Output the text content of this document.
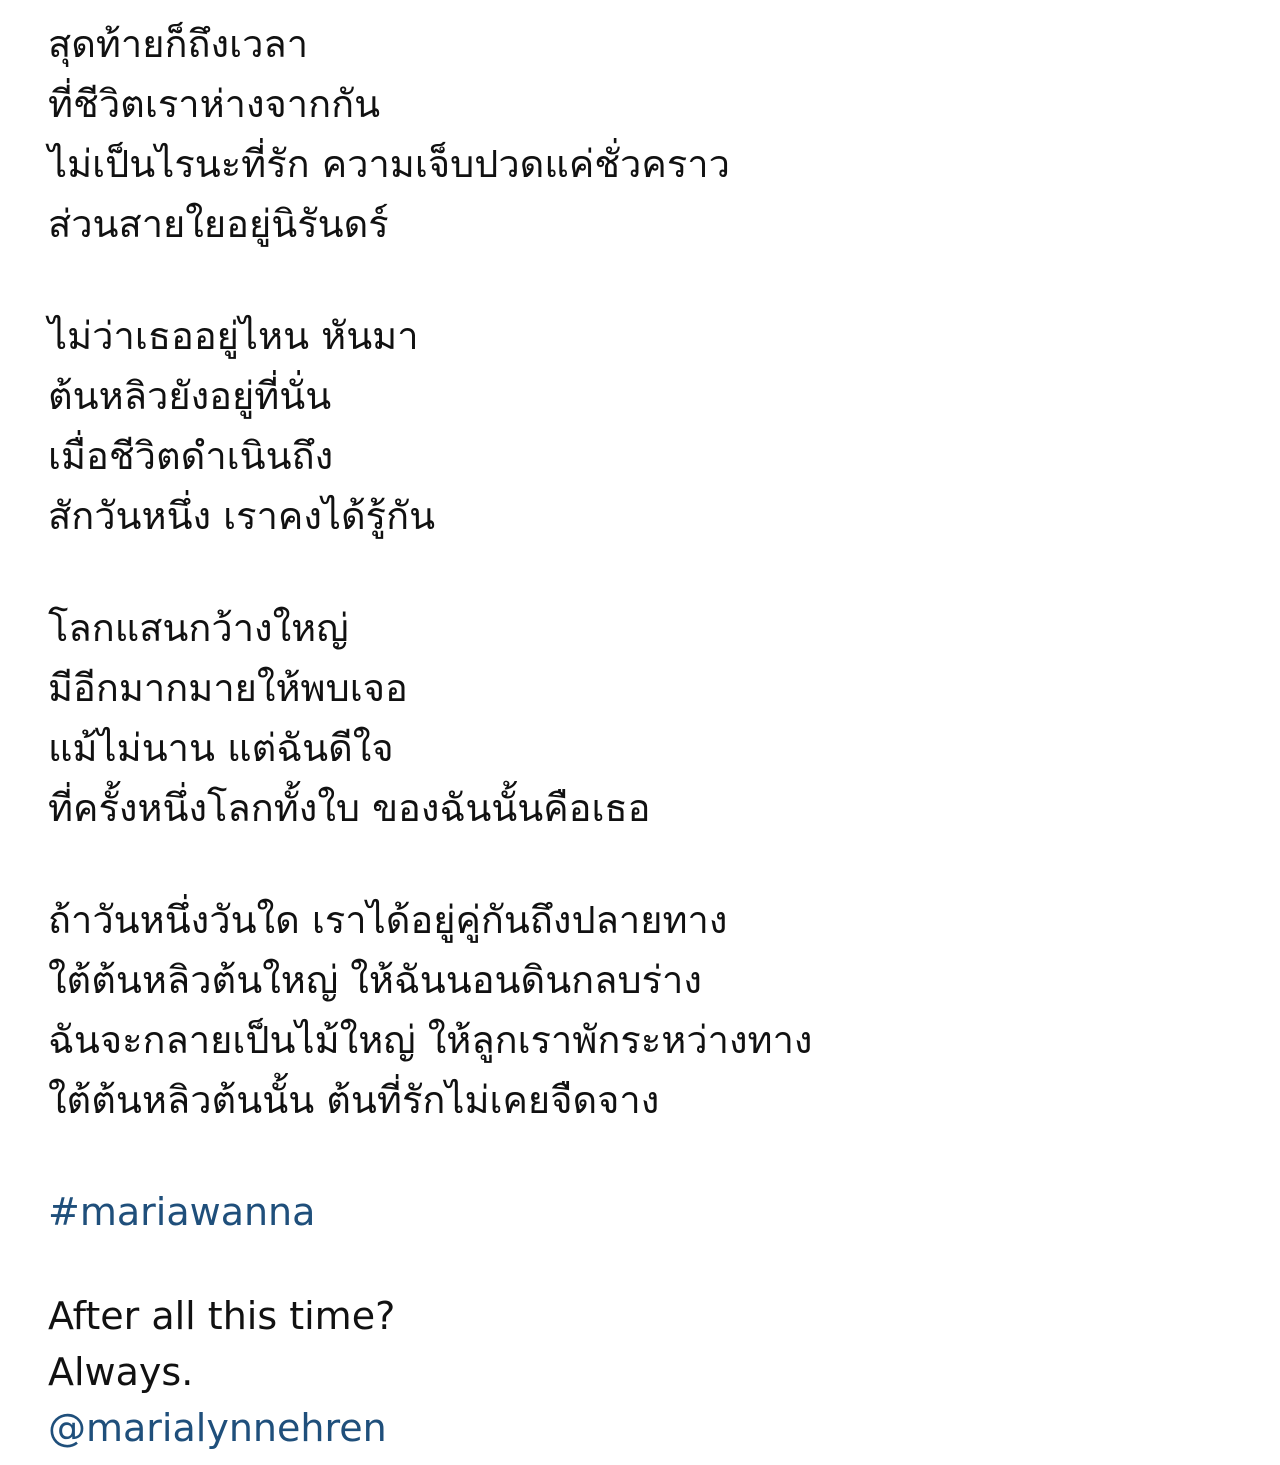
สุดท้ายก็ถึงเวลา
ที่ชีวิตเราห่างจากกัน
ไม่เป็นไรนะที่รัก ความเจ็บปวดแค่ชั่วคราว
ส่วนสายใยอยู่นิรันดร์
ไม่ว่าเธออยู่ไหน หันมา
ต้นหลิวยังอยู่ที่นั่น
เมื่อชีวิตดำเนินถึง
สักวันหนึ่ง เราคงได้รู้กัน
โลกแสนกว้างใหญ่
มีอีกมากมายให้พบเจอ
แม้ไม่นาน แต่ฉันดีใจ
ที่ครั้งหนึ่งโลกทั้งใบ ของฉันนั้นคือเธอ
ถ้าวันหนึ่งวันใด เราได้อยู่คู่กันถึงปลายทาง
ใต้ต้นหลิวต้นใหญ่ ให้ฉันนอนดินกลบร่าง
ฉันจะกลายเป็นไม้ใหญ่ ให้ลูกเราพักระหว่างทาง
ใต้ต้นหลิวต้นนั้น ต้นที่รักไม่เคยจืดจาง
#mariawanna
After all this time?
Always.
@marialynnehren
